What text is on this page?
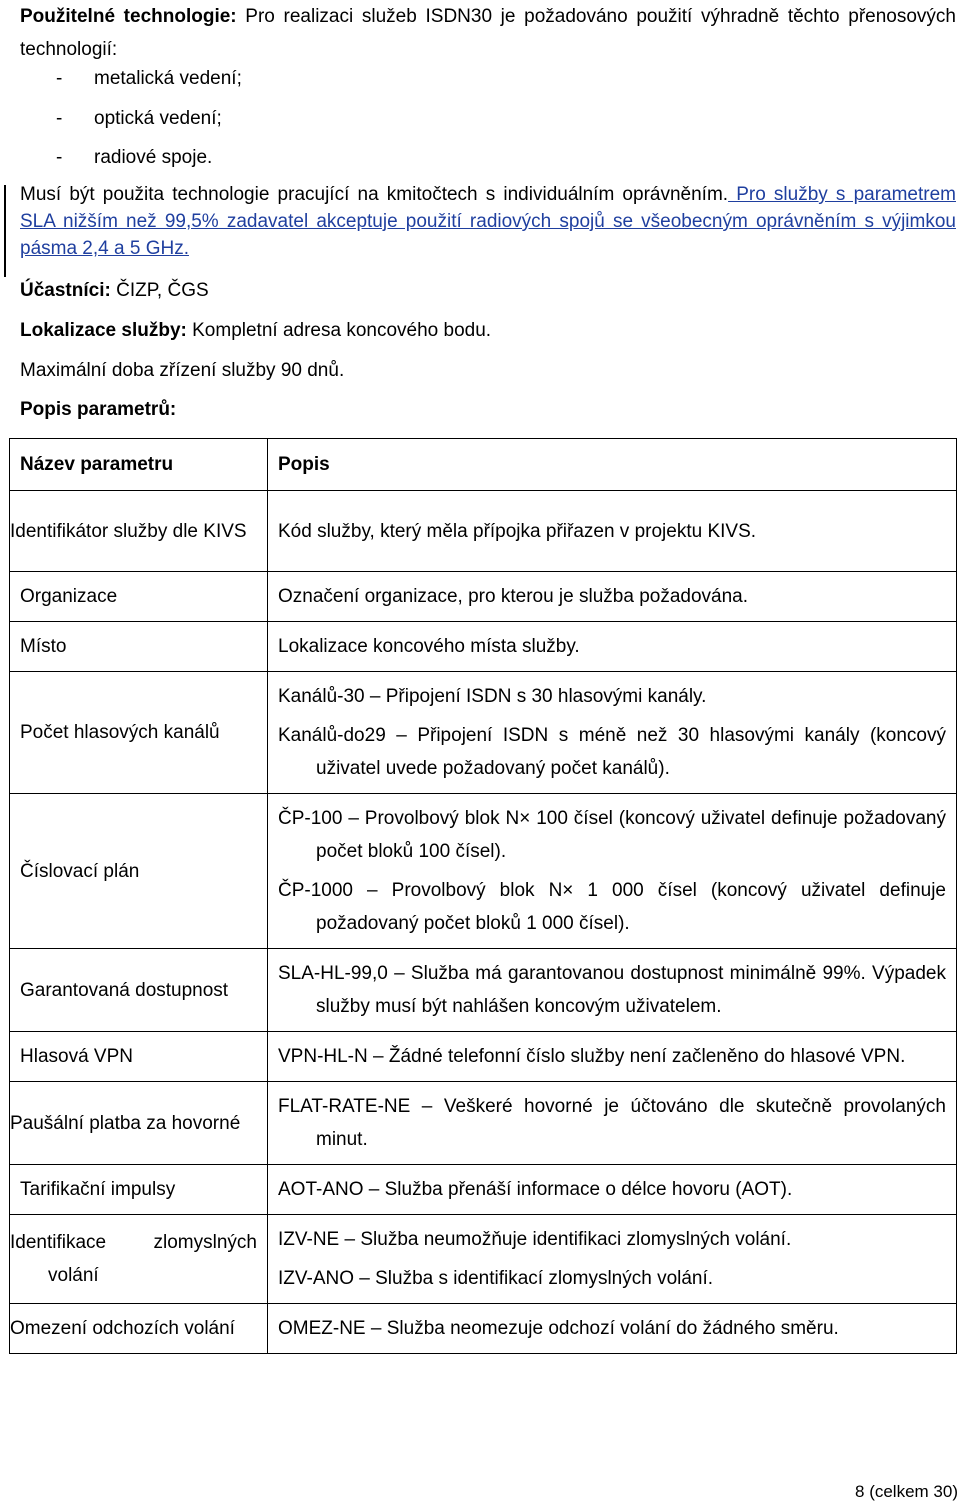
Použitelné technologie: Pro realizaci služeb ISDN30 je požadováno použití výhradně těchto přenosových technologií:
- metalická vedení;
- optická vedení;
- radiové spoje.
Musí být použita technologie pracující na kmitočtech s individuálním oprávněním. Pro služby s parametrem SLA nižším než 99,5% zadavatel akceptuje použití radiových spojů se všeobecným oprávněním s výjimkou pásma 2,4 a 5 GHz.
Účastníci: ČIZP, ČGS
Lokalizace služby: Kompletní adresa koncového bodu.
Maximální doba zřízení služby 90 dnů.
Popis parametrů:
Název parametru	Popis
Identifikátor služby dle KIVS	Kód služby, který měla přípojka přiřazen v projektu KIVS.
Organizace	Označení organizace, pro kterou je služba požadována.
Místo	Lokalizace koncového místa služby.
Počet hlasových kanálů	Kanálů-30 – Připojení ISDN s 30 hlasovými kanály.
Kanálů-do29 – Připojení ISDN s méně než 30 hlasovými kanály (koncový uživatel uvede požadovaný počet kanálů).

Číslovací plán	ČP-100 – Provolbový blok N× 100 čísel (koncový uživatel definuje požadovaný počet bloků 100 čísel).
ČP-1000 – Provolbový blok N× 1 000 čísel (koncový uživatel definuje požadovaný počet bloků 1 000 čísel).

Garantovaná dostupnost	SLA-HL-99,0 – Služba má garantovanou dostupnost minimálně 99%. Výpadek služby musí být nahlášen koncovým uživatelem.

Hlasová VPN	VPN-HL-N – Žádné telefonní číslo služby není začleněno do hlasové VPN.

Paušální platba za hovorné	FLAT-RATE-NE – Veškeré hovorné je účtováno dle skutečně provolaných minut.

Tarifikační impulsy	AOT-ANO – Služba přenáší informace o délce hovoru (AOT).
Identifikace zlomyslných volání	IZV-NE – Služba neumožňuje identifikaci zlomyslných volání.
IZV-ANO – Služba s identifikací zlomyslných volání.

Omezení odchozích volání	OMEZ-NE – Služba neomezuje odchozí volání do žádného směru.
8 (celkem 30)
